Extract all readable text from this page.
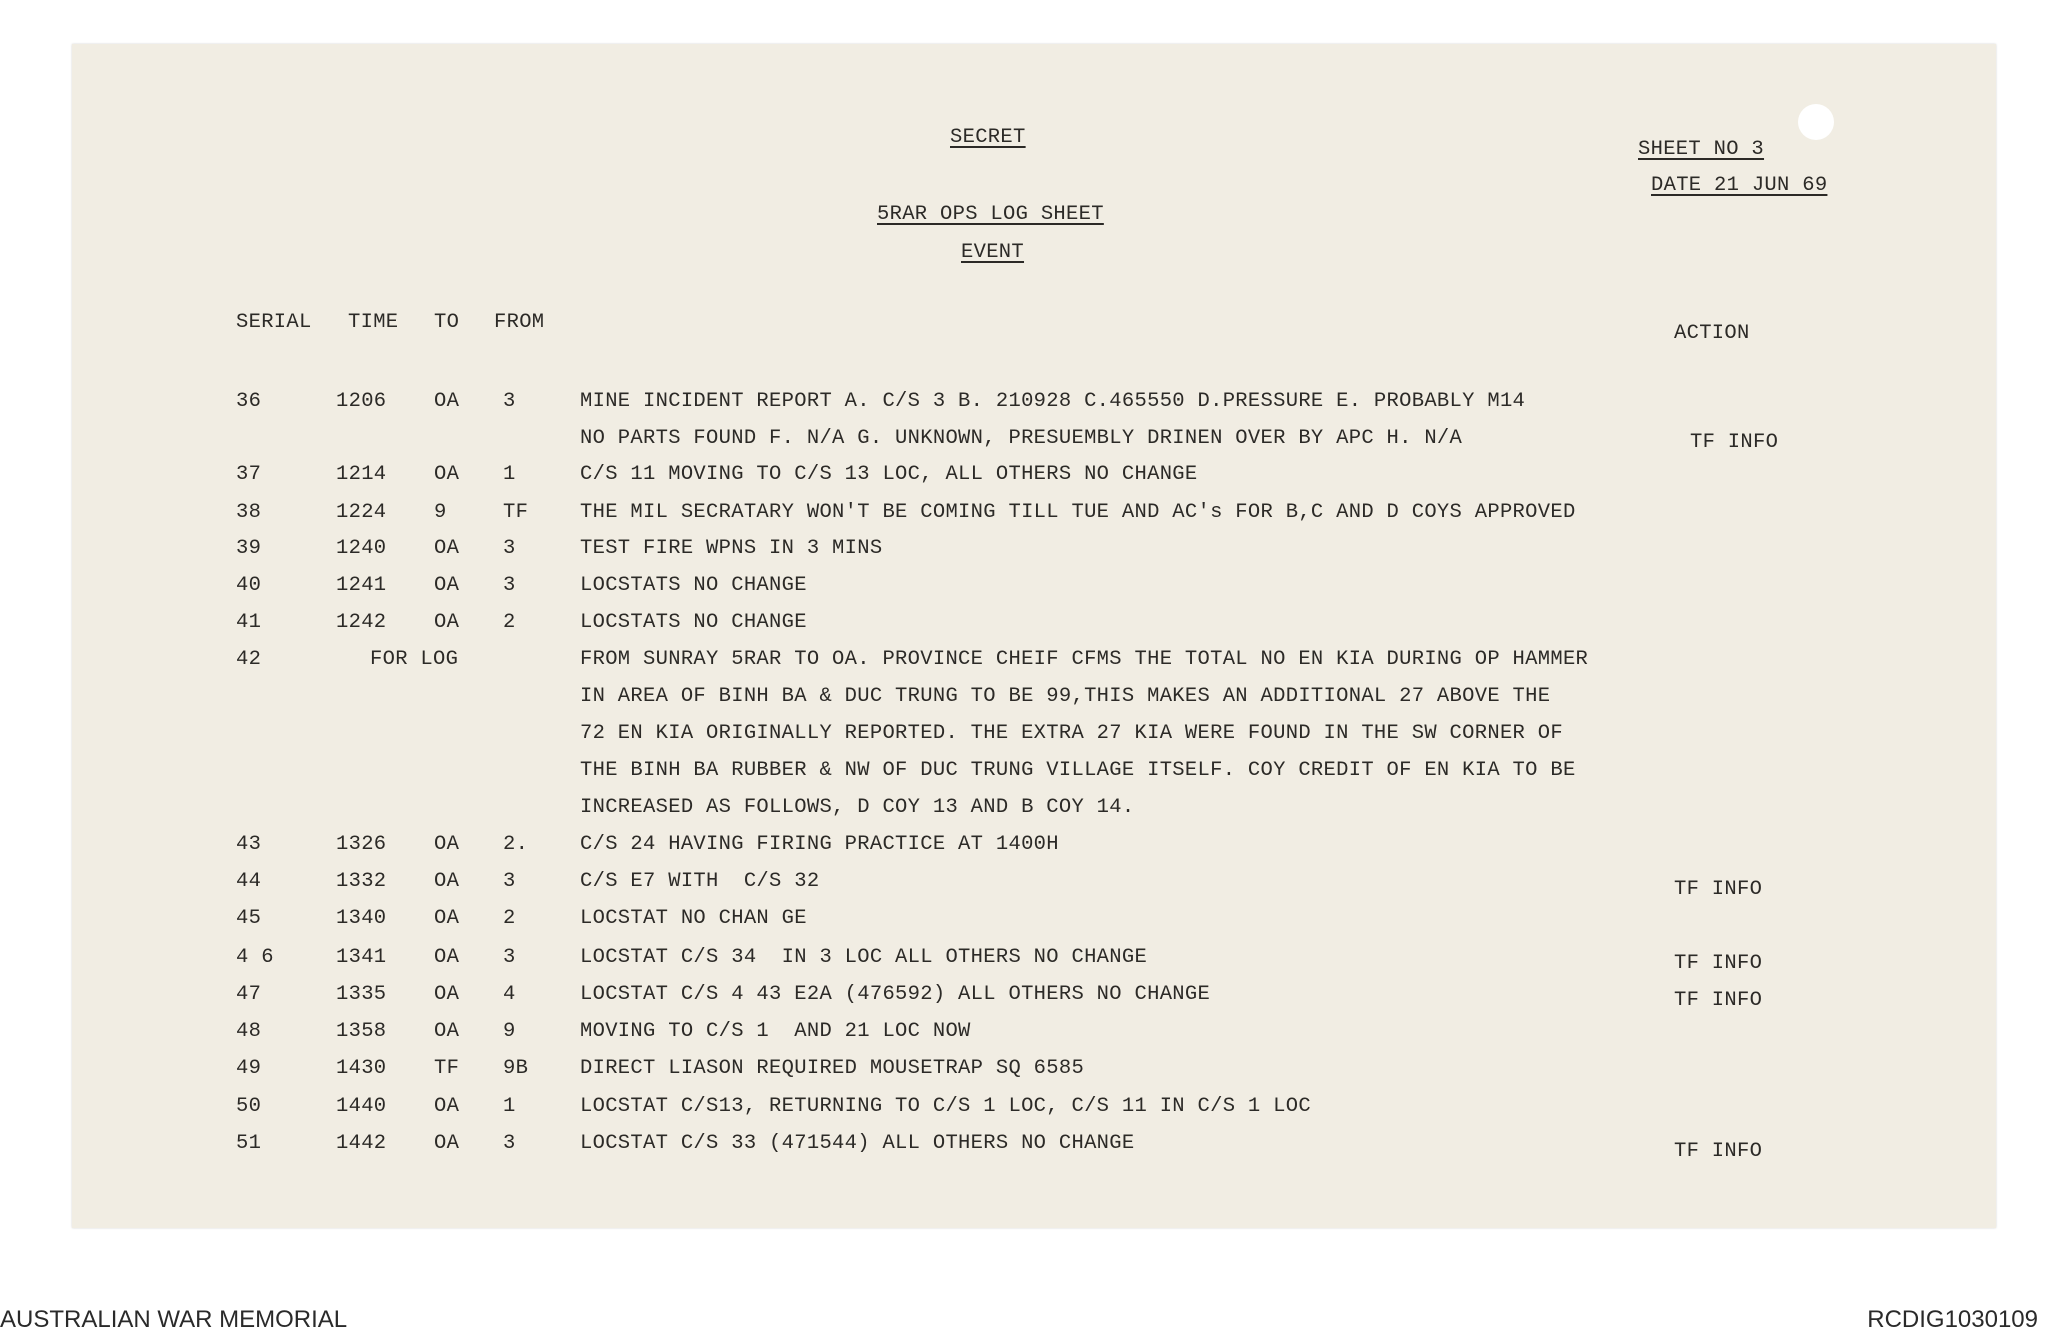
SECRET
SHEET NO 3
DATE 21 JUN 69
5RAR OPS LOG SHEET
EVENT
SERIAL TIME TO FROM	ACTION
36	1206 OA 3	MINE INCIDENT REPORT A. C/S 3 B. 210928 C.465550 D.PRESSURE E. PROBABLY M14
NO PARTS FOUND F. N/A G. UNKNOWN, PRESUEMBLY DRINEN OVER BY APC H. N/A	TF INFO
37	1214 OA 1	C/S 11 MOVING TO C/S 13 LOC, ALL OTHERS NO CHANGE
38	1224 9	TF	THE MIL SECRATARY WON'T BE COMING TILL TUE AND AC's FOR B,C AND D COYS APPROVED
39	1240 OA 3	TEST FIRE WPNS IN 3 MINS
40	1241 OA 3	LOCSTATS NO CHANGE
41	1242 OA 2	LOCSTATS NO CHANGE
42	FOR LOG	FROM SUNRAY 5RAR TO OA. PROVINCE CHEIF CFMS THE TOTAL NO EN KIA DURING OP HAMMER
IN AREA OF BINH BA & DUC TRUNG TO BE 99,THIS MAKES AN ADDITIONAL 27 ABOVE THE
72 EN KIA ORIGINALLY REPORTED. THE EXTRA 27 KIA WERE FOUND IN THE SW CORNER OF
THE BINH BA RUBBER & NW OF DUC TRUNG VILLAGE ITSELF. COY CREDIT OF EN KIA TO BE
INCREASED AS FOLLOWS, D COY 13 AND B COY 14.
43	1326 OA 2.	C/S 24 HAVING FIRING PRACTICE AT 1400H
44	1332 OA 3	C/S E7 WITH  C/S 32	TF INFO
45	1340 OA 2	LOCSTAT NO CHAN GE
4 6	1341 OA 3	LOCSTAT C/S 34  IN 3 LOC ALL OTHERS NO CHANGE	TF INFO
47	1335 OA 4	LOCSTAT C/S 4 43 E2A (476592) ALL OTHERS NO CHANGE	TF INFO
48	1358 OA 9	MOVING TO C/S 1  AND 21 LOC NOW
49	1430 TF 9B	DIRECT LIASON REQUIRED MOUSETRAP SQ 6585
50	1440 OA 1	LOCSTAT C/S13, RETURNING TO C/S 1 LOC, C/S 11 IN C/S 1 LOC
51	1442 OA 3	LOCSTAT C/S 33 (471544) ALL OTHERS NO CHANGE	TF INFO
AUSTRALIAN WAR MEMORIAL	RCDIG1030109
